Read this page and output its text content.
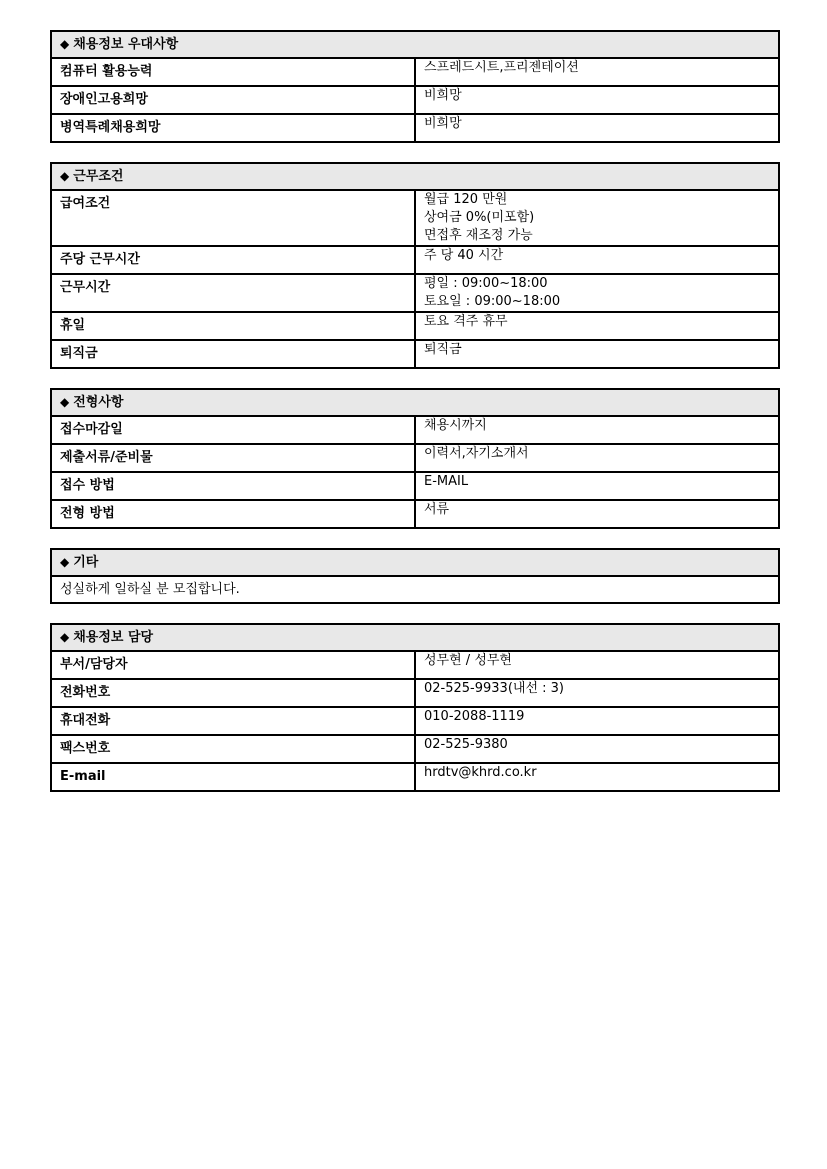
◆ 채용정보 우대사항	
컴퓨터 활용능력	스프레드시트,프리젠테이션

장애인고용희망	비희망

병역특례채용희망	비희망
◆ 근무조건	
급여조건	월급 120 만원
상여금 0%(미포함)
면접후 재조정 가능

주당 근무시간	주 당 40 시간

근무시간	평일 : 09:00~18:00
토요일 : 09:00~18:00

휴일	토요 격주 휴무

퇴직금	퇴직금
◆ 전형사항	
접수마감일	채용시까지

제출서류/준비물	이력서,자기소개서

접수 방법	E-MAIL

전형 방법	서류
◆ 기타
성실하게 일하실 분 모집합니다.
◆ 채용정보 담당	
부서/담당자	성무현 / 성무현

전화번호	02-525-9933(내선 : 3)

휴대전화	010-2088-1119

팩스번호	02-525-9380

E-mail	hrdtv@khrd.co.kr
